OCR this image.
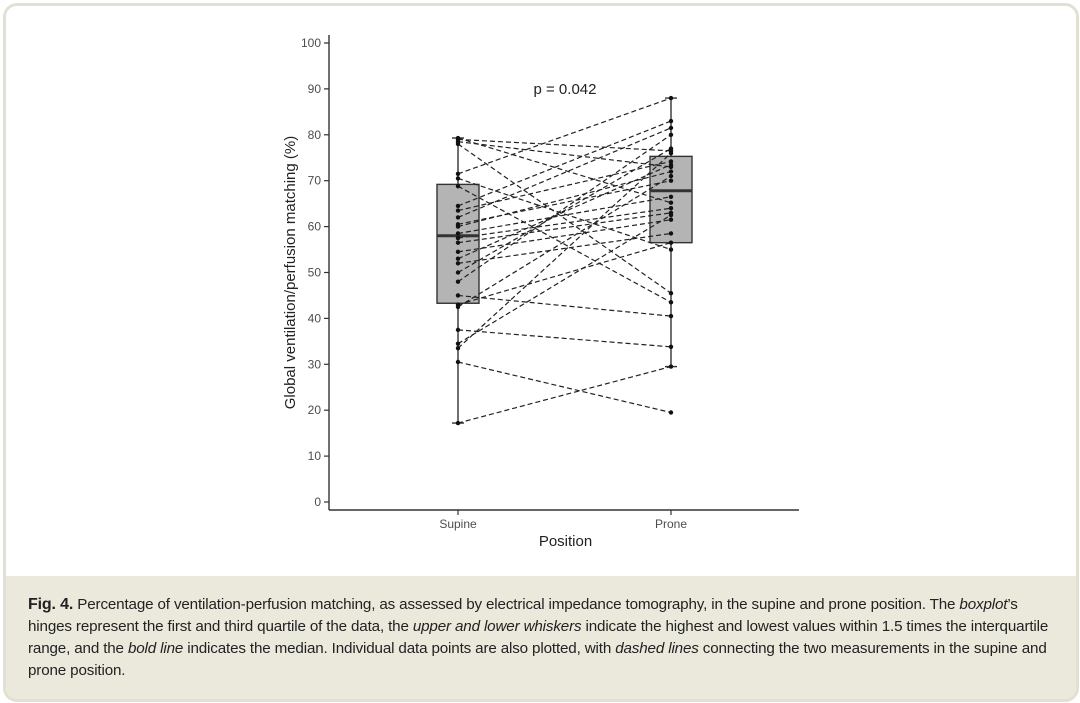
0
10
20
30
40
50
60
70
80
90
100
Supine	Prone
Position
Global ventilation/perfusion matching (%)
p = 0.042
Fig. 4. Percentage of ventilation-perfusion matching, as assessed by electrical impedance tomography, in the supine and prone position. The boxplot’s hinges represent the first and third quartile of the data, the upper and lower whiskers indicate the highest and lowest values within 1.5 times the interquartile range, and the bold line indicates the median. Individual data points are also plotted, with dashed lines connecting the two measurements in the supine and prone position.
